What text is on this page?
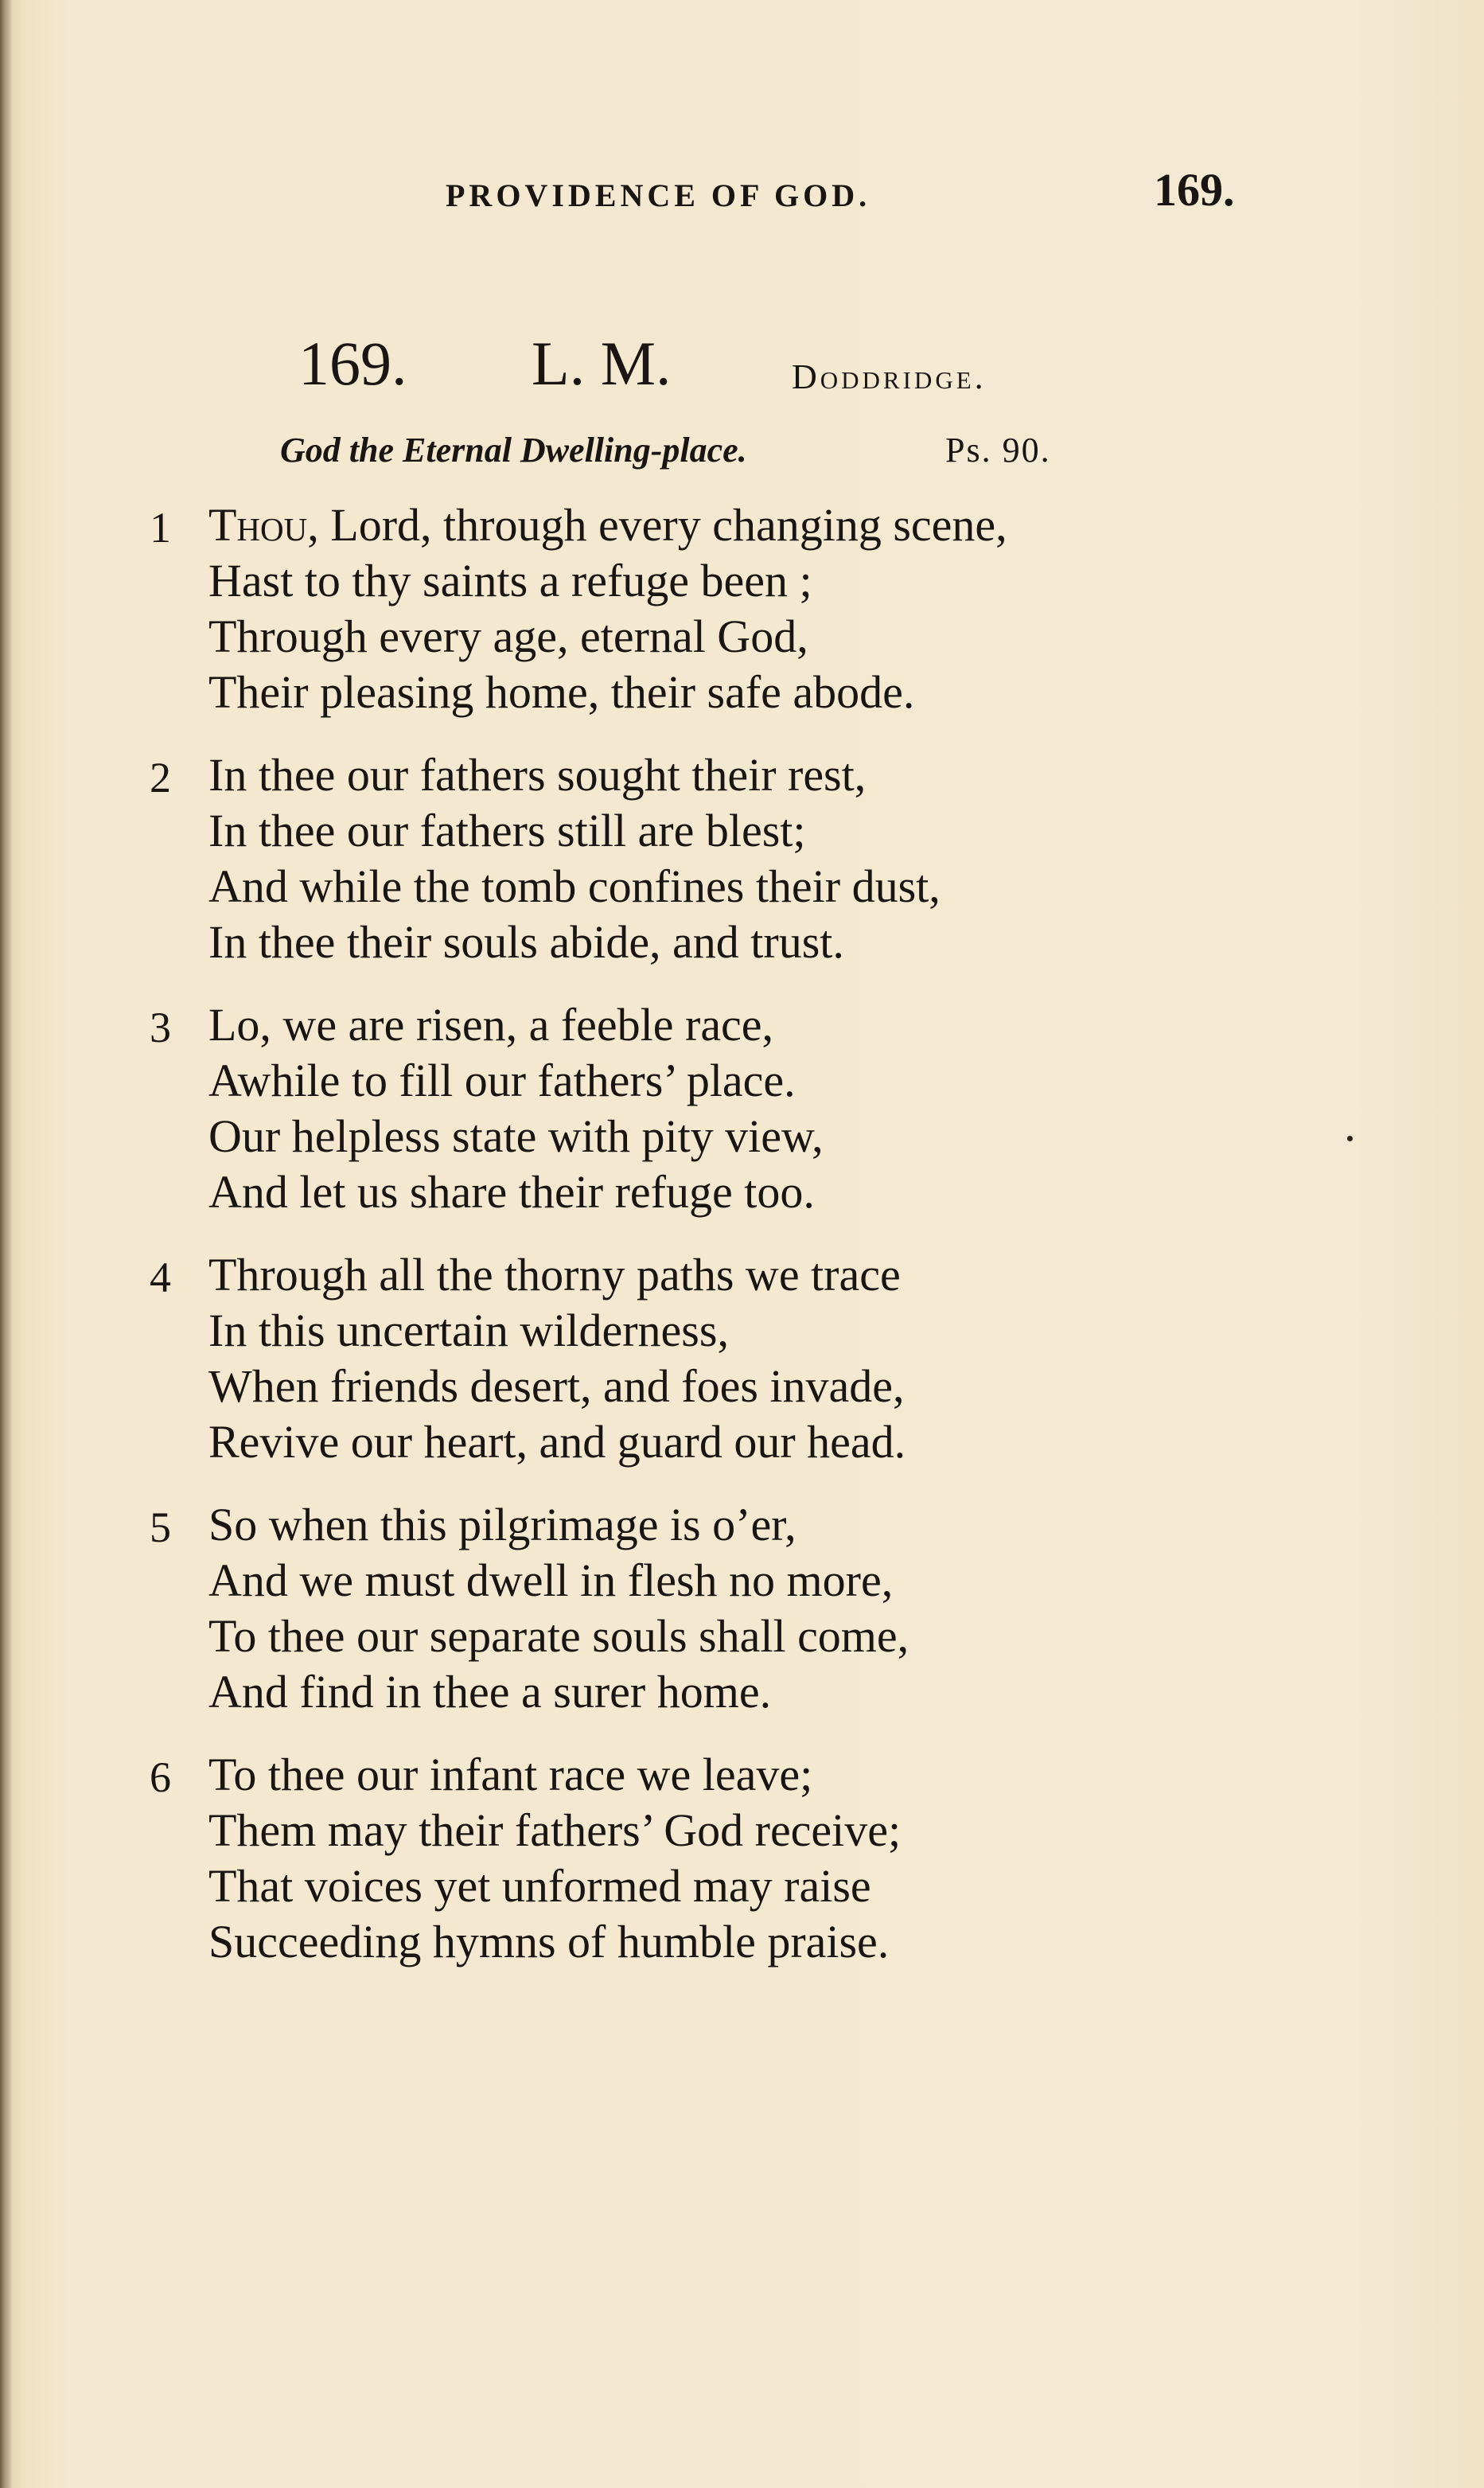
PROVIDENCE OF GOD.	169.
169. L. M.	Doddridge.
God the Eternal Dwelling-place.	Ps. 90.
1 Thou, Lord, through every changing scene,
Hast to thy saints a refuge been ;
Through every age, eternal God,
Their pleasing home, their safe abode.
2 In thee our fathers sought their rest,
In thee our fathers still are blest;
And while the tomb confines their dust,
In thee their souls abide, and trust.
3 Lo, we are risen, a feeble race,
Awhile to fill our fathers’ place.
Our helpless state with pity view,
And let us share their refuge too.
4 Through all the thorny paths we trace
In this uncertain wilderness,
When friends desert, and foes invade,
Revive our heart, and guard our head.
5 So when this pilgrimage is o’er,
And we must dwell in flesh no more,
To thee our separate souls shall come,
And find in thee a surer home.
6 To thee our infant race we leave;
Them may their fathers’ God receive;
That voices yet unformed may raise
Succeeding hymns of humble praise.
